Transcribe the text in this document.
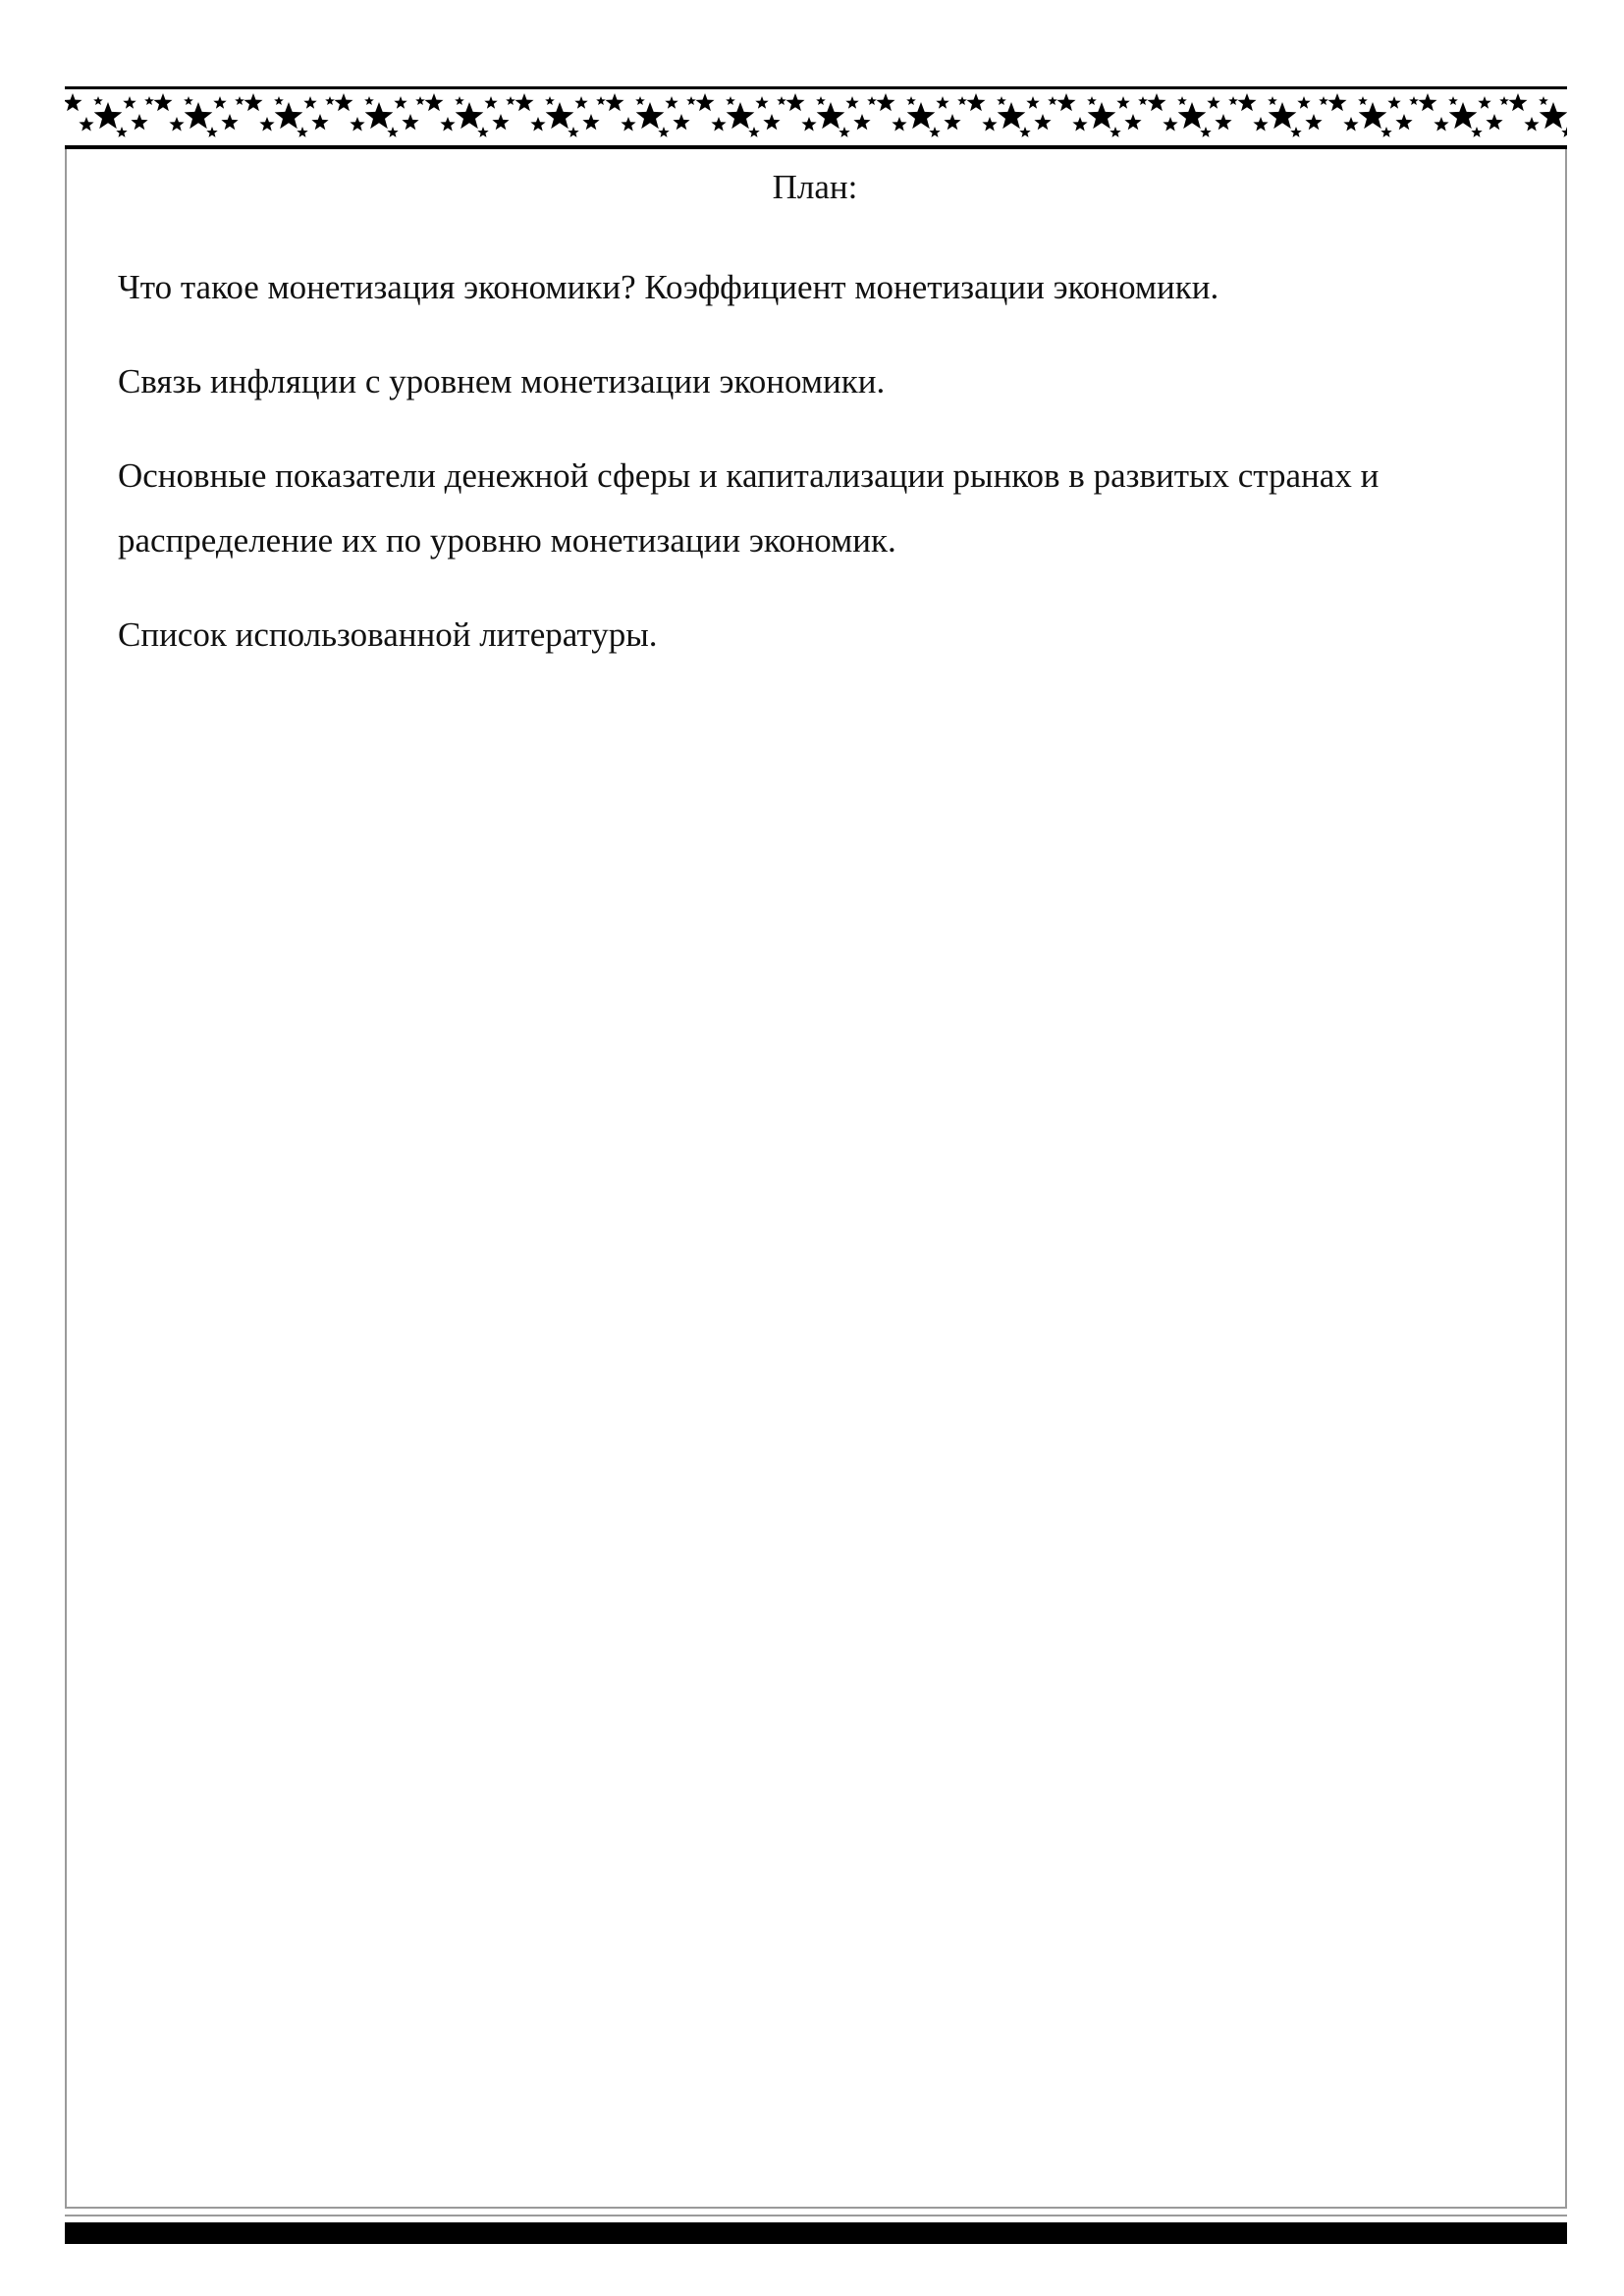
План:
Что такое монетизация экономики? Коэффициент монетизации экономики.
Связь инфляции с уровнем монетизации экономики.
Основные показатели денежной сферы и капитализации рынков в развитых странах и распределение их по уровню монетизации экономик.
Список использованной литературы.
